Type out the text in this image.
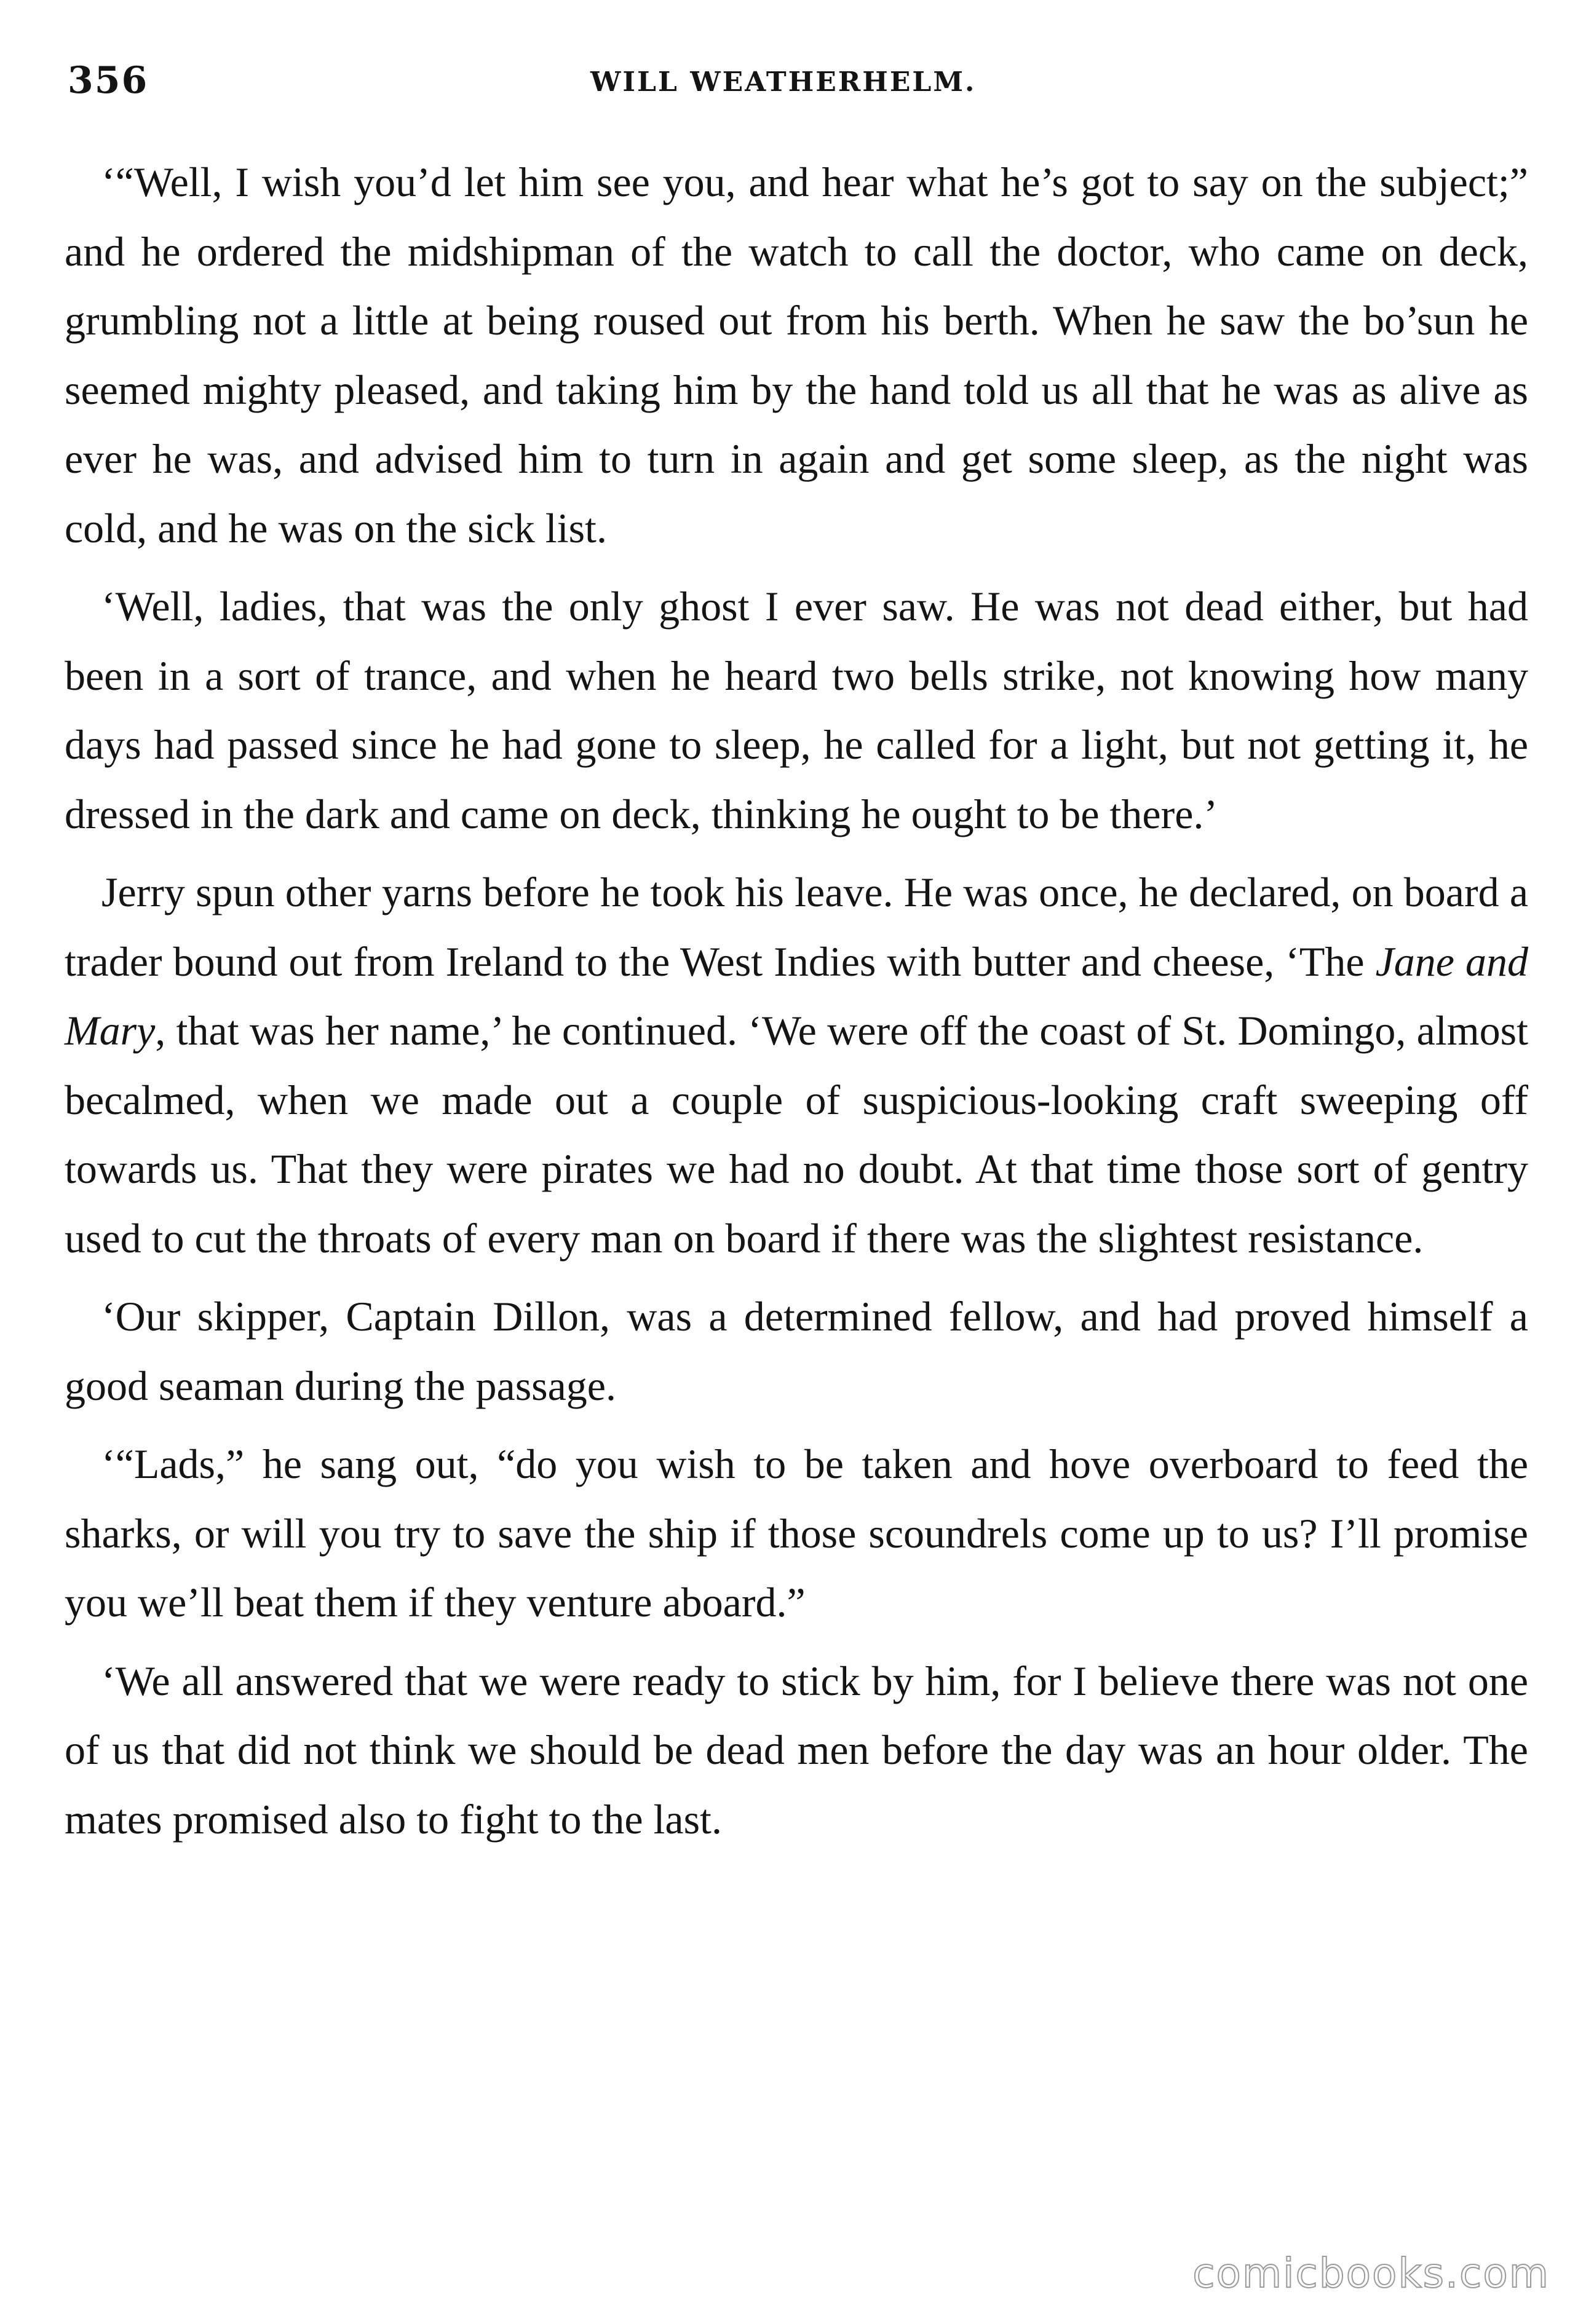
356	WILL WEATHERHELM.

‘“Well, I wish you’d let him see you, and hear what he’s got to say on the subject;” and he ordered the midshipman of the watch to call the doctor, who came on deck, grumbling not a little at being roused out from his berth. When he saw the bo’sun he seemed mighty pleased, and taking him by the hand told us all that he was as alive as ever he was, and advised him to turn in again and get some sleep, as the night was cold, and he was on the sick list.

‘Well, ladies, that was the only ghost I ever saw. He was not dead either, but had been in a sort of trance, and when he heard two bells strike, not knowing how many days had passed since he had gone to sleep, he called for a light, but not getting it, he dressed in the dark and came on deck, thinking he ought to be there.’

Jerry spun other yarns before he took his leave. He was once, he declared, on board a trader bound out from Ireland to the West Indies with butter and cheese, ‘The Jane and Mary, that was her name,’ he continued. ‘We were off the coast of St. Domingo, almost becalmed, when we made out a couple of suspicious-looking craft sweeping off towards us. That they were pirates we had no doubt. At that time those sort of gentry used to cut the throats of every man on board if there was the slightest resistance.

‘Our skipper, Captain Dillon, was a determined fellow, and had proved himself a good seaman during the passage.

‘“Lads,” he sang out, “do you wish to be taken and hove overboard to feed the sharks, or will you try to save the ship if those scoundrels come up to us? I’ll promise you we’ll beat them if they venture aboard.”

‘We all answered that we were ready to stick by him, for I believe there was not one of us that did not think we should be dead men before the day was an hour older. The mates promised also to fight to the last.

comicbooks.com
